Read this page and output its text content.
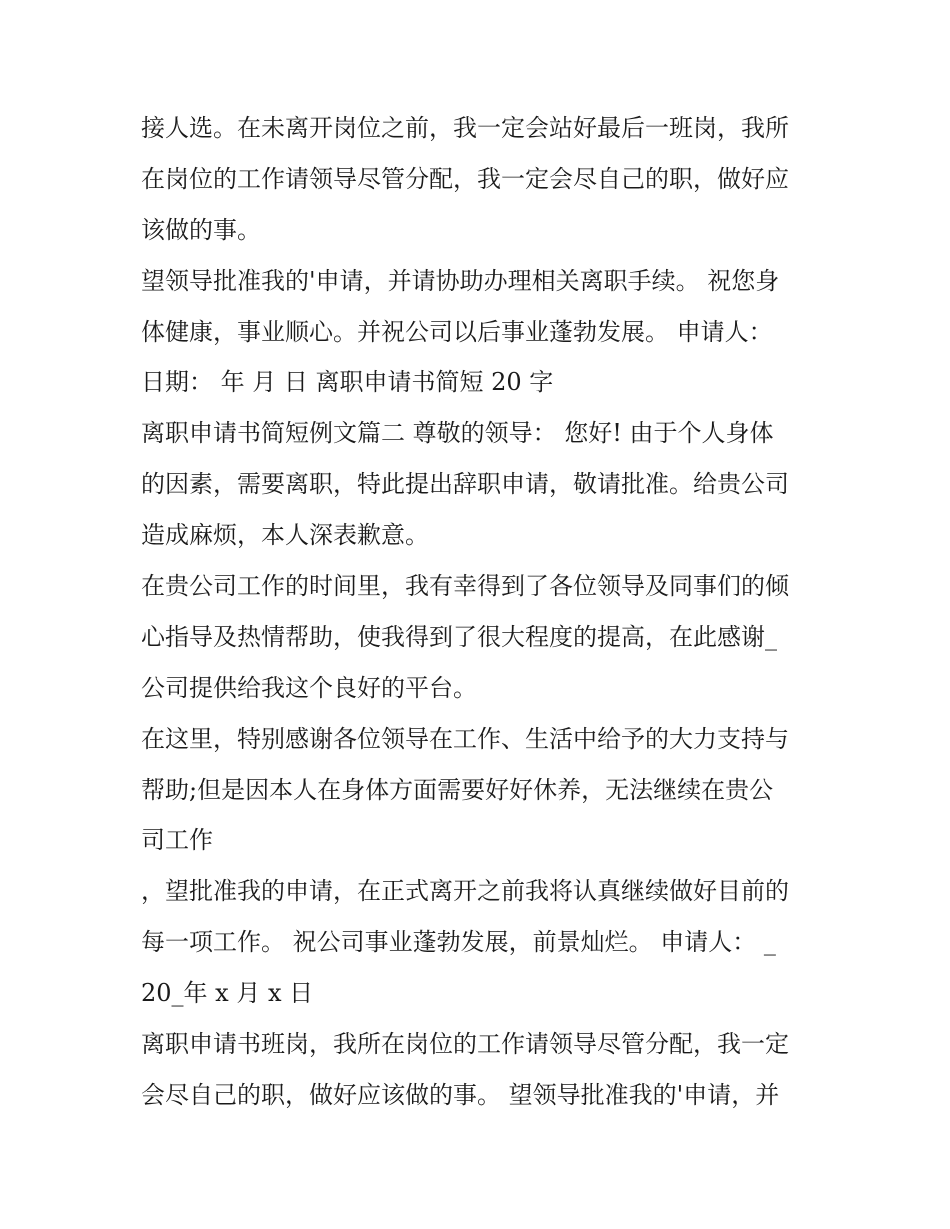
接人选。在未离开岗位之前，我一定会站好最后一班岗，我所
在岗位的工作请领导尽管分配，我一定会尽自己的职，做好应
该做的事。
望领导批准我的'申请，并请协助办理相关离职手续。 祝您身
体健康，事业顺心。并祝公司以后事业蓬勃发展。 申请人：
日期： 年 月 日 离职申请书简短 20 字
离职申请书简短例文篇二 尊敬的领导： 您好! 由于个人身体
的因素，需要离职，特此提出辞职申请，敬请批准。给贵公司
造成麻烦，本人深表歉意。
在贵公司工作的时间里，我有幸得到了各位领导及同事们的倾
心指导及热情帮助，使我得到了很大程度的提高，在此感谢_
公司提供给我这个良好的平台。
在这里，特别感谢各位领导在工作、生活中给予的大力支持与
帮助;但是因本人在身体方面需要好好休养，无法继续在贵公
司工作
，望批准我的申请，在正式离开之前我将认真继续做好目前的
每一项工作。 祝公司事业蓬勃发展，前景灿烂。 申请人： _
20_年 x 月 x 日
离职申请书班岗，我所在岗位的工作请领导尽管分配，我一定
会尽自己的职，做好应该做的事。 望领导批准我的'申请，并
